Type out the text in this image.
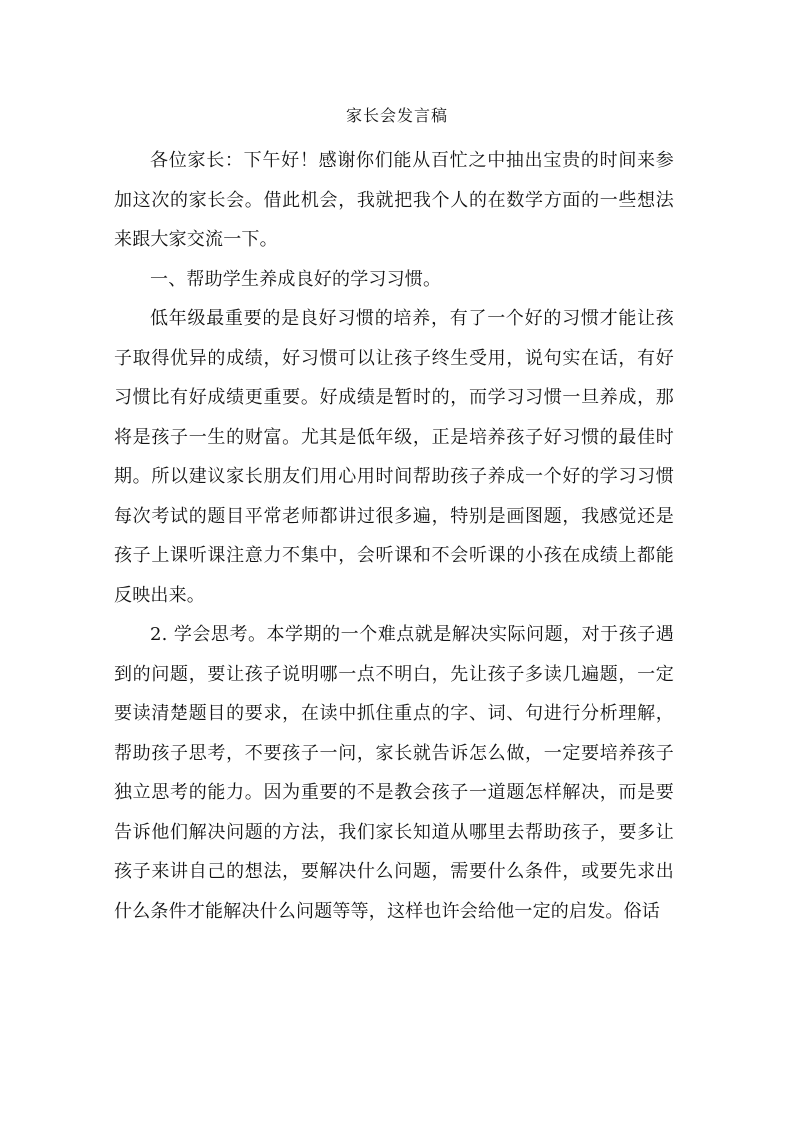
家长会发言稿

各位家长：下午好！感谢你们能从百忙之中抽出宝贵的时间来参加这次的家长会。借此机会，我就把我个人的在数学方面的一些想法来跟大家交流一下。

一、帮助学生养成良好的学习习惯。

低年级最重要的是良好习惯的培养，有了一个好的习惯才能让孩子取得优异的成绩，好习惯可以让孩子终生受用，说句实在话，有好习惯比有好成绩更重要。好成绩是暂时的，而学习习惯一旦养成，那将是孩子一生的财富。尤其是低年级，正是培养孩子好习惯的最佳时期。所以建议家长朋友们用心用时间帮助孩子养成一个好的学习习惯每次考试的题目平常老师都讲过很多遍，特别是画图题，我感觉还是孩子上课听课注意力不集中，会听课和不会听课的小孩在成绩上都能反映出来。

2. 学会思考。本学期的一个难点就是解决实际问题，对于孩子遇到的问题，要让孩子说明哪一点不明白，先让孩子多读几遍题，一定要读清楚题目的要求，在读中抓住重点的字、词、句进行分析理解，帮助孩子思考，不要孩子一问，家长就告诉怎么做，一定要培养孩子独立思考的能力。因为重要的不是教会孩子一道题怎样解决，而是要告诉他们解决问题的方法，我们家长知道从哪里去帮助孩子，要多让孩子来讲自己的想法，要解决什么问题，需要什么条件，或要先求出什么条件才能解决什么问题等等，这样也许会给他一定的启发。俗话
